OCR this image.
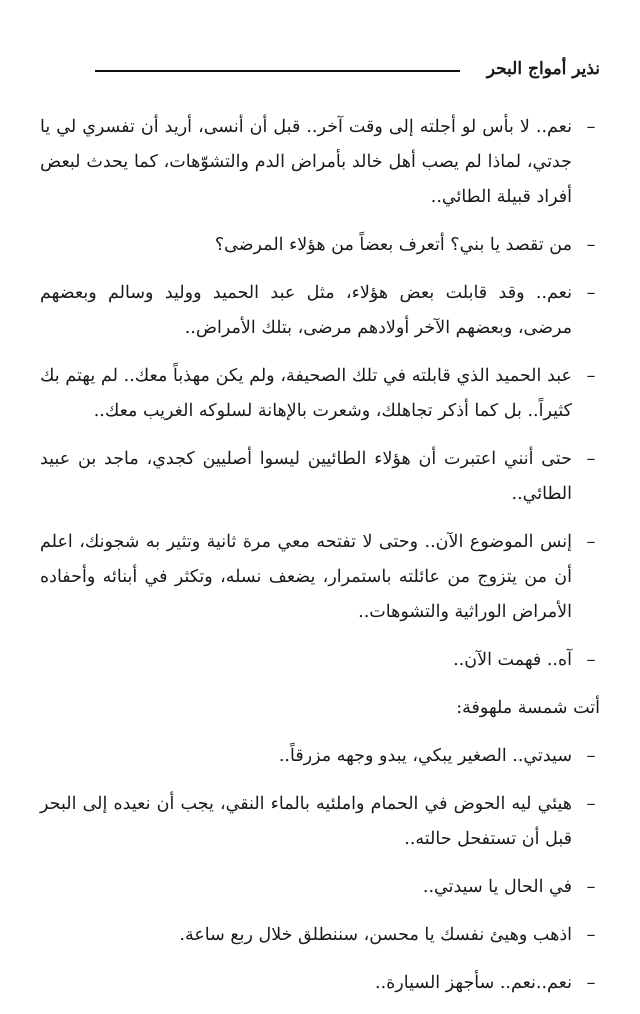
نذير أمواج البحر
–
نعم.. لا بأس لو أجلته إلى وقت آخر.. قبل أن أنسى، أريد أن تفسري لي يا جدتي، لماذا لم يصب أهل خالد بأمراض الدم والتشوّهات، كما يحدث لبعض أفراد قبيلة الطائي..
–
من تقصد يا بني؟ أتعرف بعضاً من هؤلاء المرضى؟
–
نعم.. وقد قابلت بعض هؤلاء، مثل عبد الحميد ووليد وسالم وبعضهم مرضى، وبعضهم الآخر أولادهم مرضى، بتلك الأمراض..
–
عبد الحميد الذي قابلته في تلك الصحيفة، ولم يكن مهذباً معك.. لم يهتم بك كثيراً.. بل كما أذكر تجاهلك، وشعرت بالإهانة لسلوكه الغريب معك..
–
حتى أنني اعتبرت أن هؤلاء الطائيين ليسوا أصليين كجدي، ماجد بن عبيد الطائي..
–
إنس الموضوع الآن.. وحتى لا تفتحه معي مرة ثانية وتثير به شجونك، اعلم أن من يتزوج من عائلته باستمرار، يضعف نسله، وتكثر في أبنائه وأحفاده الأمراض الوراثية والتشوهات..
–
آه.. فهمت الآن..
أتت شمسة ملهوفة:
–
سيدتي.. الصغير يبكي، يبدو وجهه مزرقاً..
–
هيئي ليه الحوض في الحمام واملئيه بالماء النقي، يجب أن نعيده إلى البحر قبل أن تستفحل حالته..
–
في الحال يا سيدتي..
–
اذهب وهيئ نفسك يا محسن، سننطلق خلال ربع ساعة.
–
نعم..نعم.. سأجهز السيارة..
